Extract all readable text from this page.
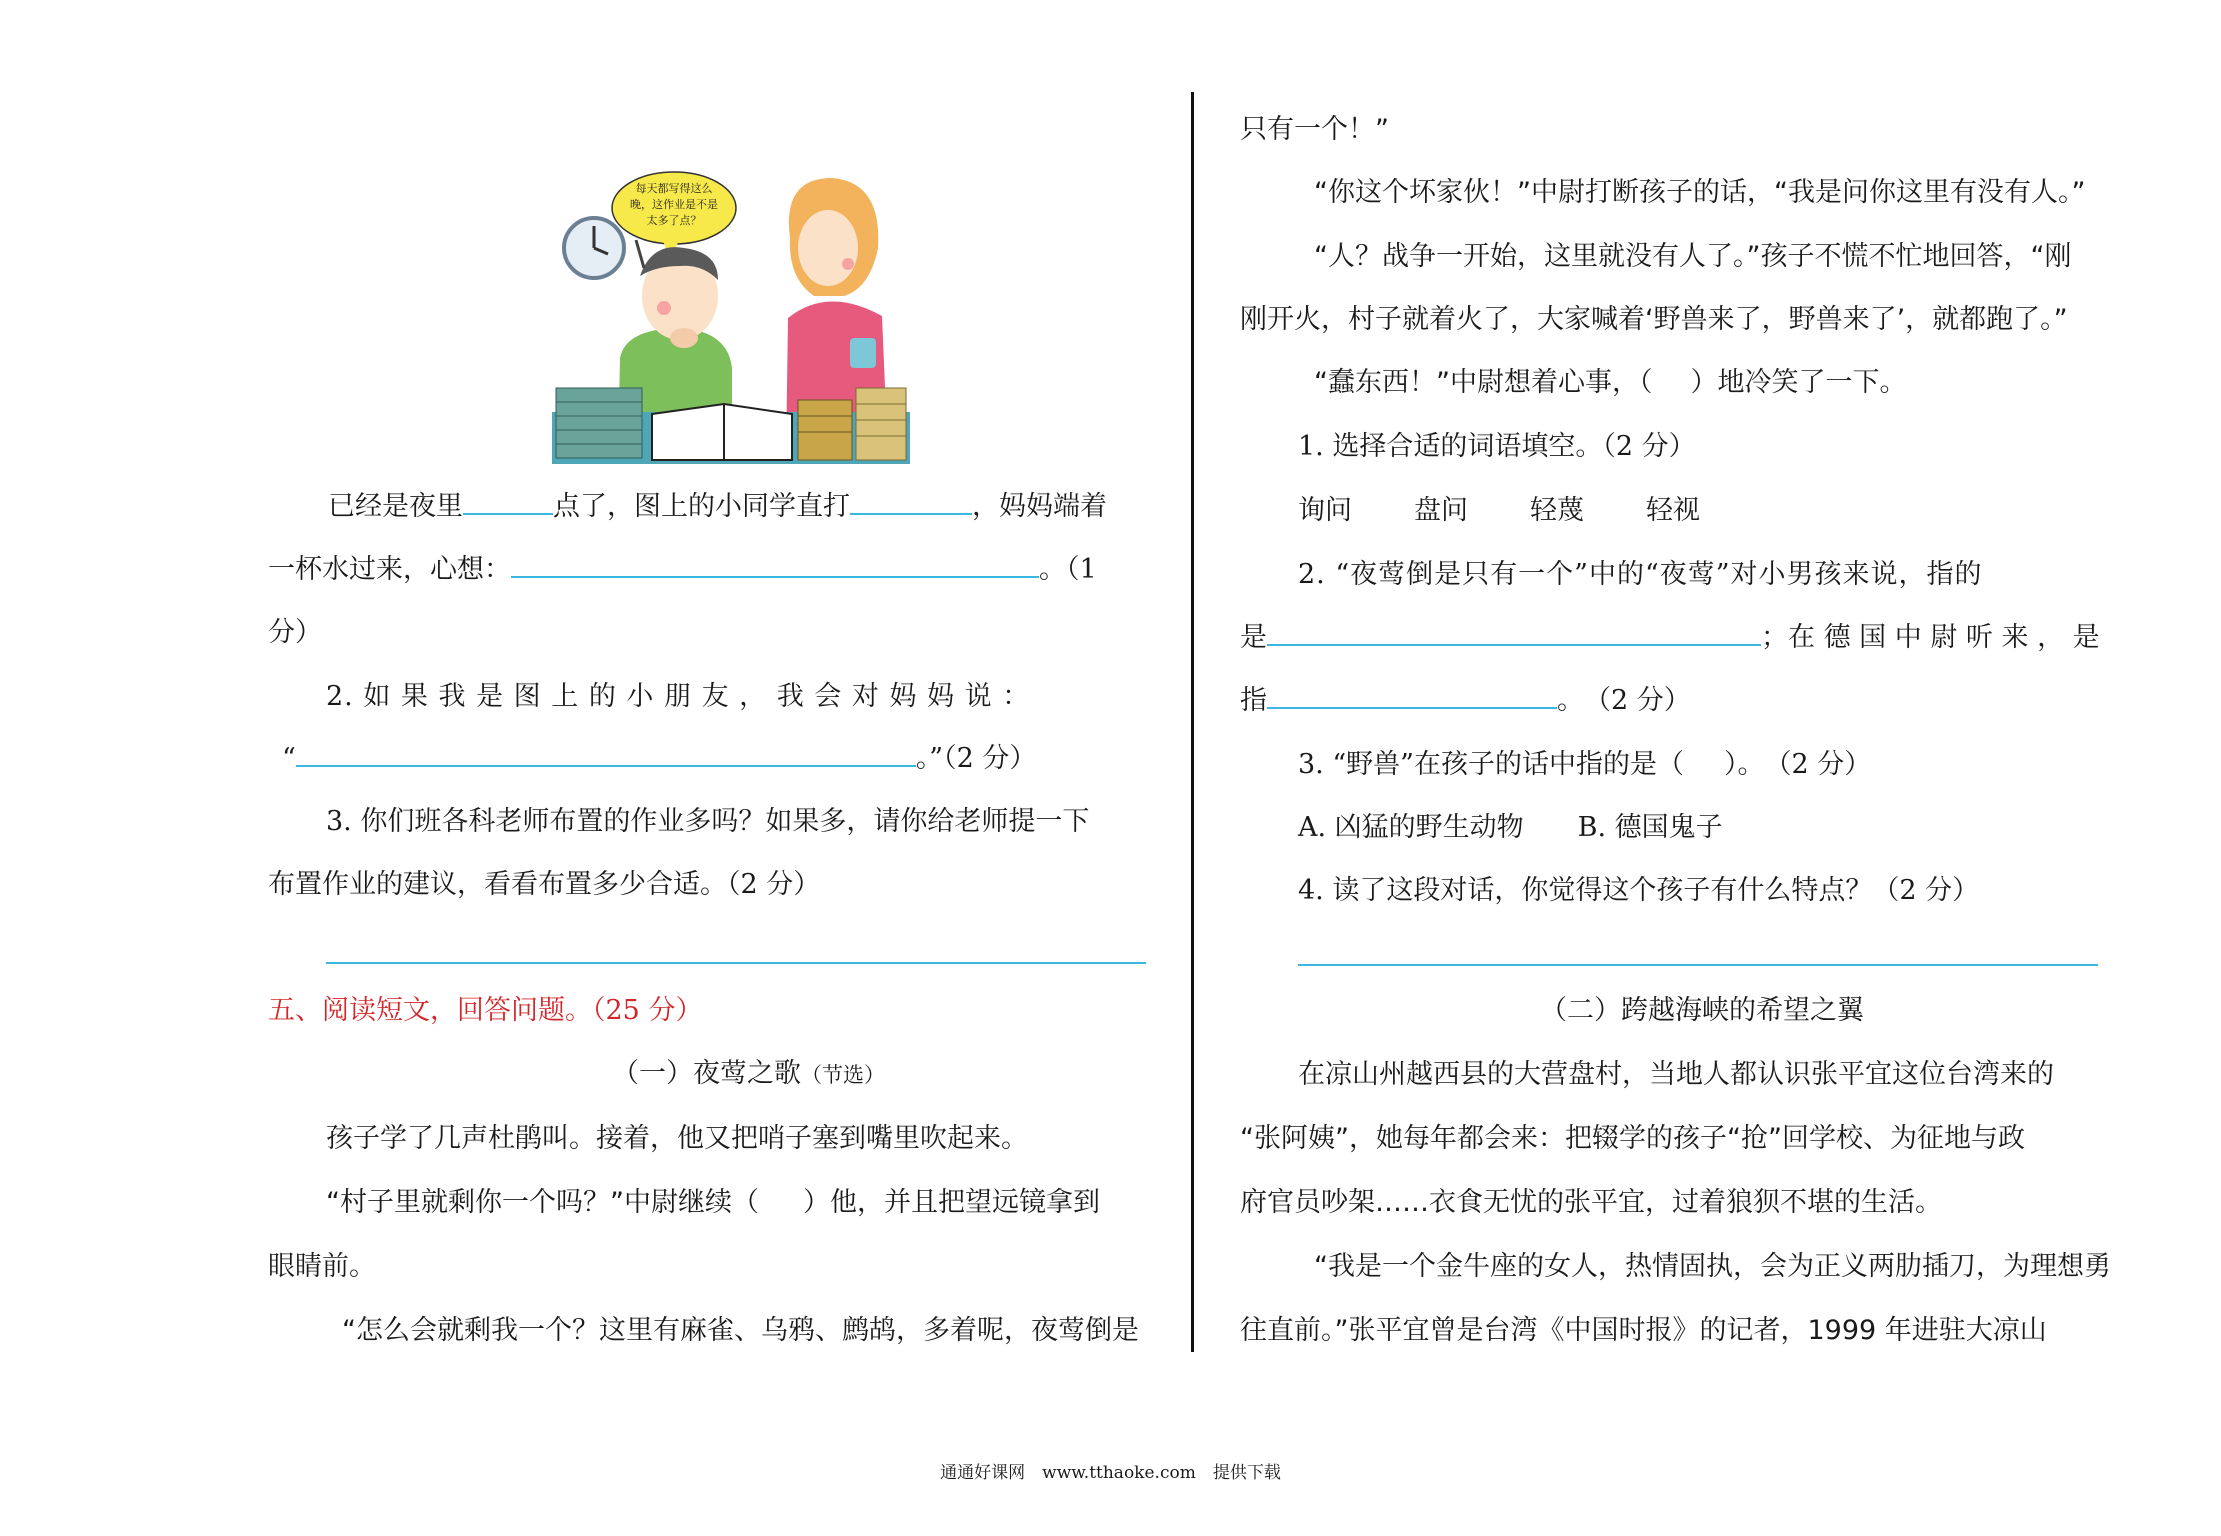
每天都写得这么
晚，这作业是不是
太多了点？
已经是夜里	点了，图上的小同学直打	，妈妈端着
一杯水过来，心想：	。（1
分）
2. 如 果 我 是 图 上 的 小 朋 友 ， 我 会 对 妈 妈 说 ：
“	。”（2 分）
3. 你们班各科老师布置的作业多吗？如果多，请你给老师提一下
布置作业的建议，看看布置多少合适。（2 分）
五、阅读短文，回答问题。（25 分）
（一）夜莺之歌（节选）
孩子学了几声杜鹃叫。接着，他又把哨子塞到嘴里吹起来。
“村子里就剩你一个吗？”中尉继续（ ）他，并且把望远镜拿到
眼睛前。
“怎么会就剩我一个？这里有麻雀、乌鸦、鹧鸪，多着呢，夜莺倒是
只有一个！”
“你这个坏家伙！”中尉打断孩子的话，“我是问你这里有没有人。”
“人？战争一开始，这里就没有人了。”孩子不慌不忙地回答，“刚
刚开火，村子就着火了，大家喊着‘野兽来了，野兽来了’，就都跑了。”
“蠢东西！”中尉想着心事，（ ）地冷笑了一下。
1. 选择合适的词语填空。（2 分）
询问 盘问 轻蔑 轻视
2. “夜莺倒是只有一个”中的“夜莺”对小男孩来说，指的
是	；在 德 国 中 尉 听 来 ， 是
指	。　（2 分）
3. “野兽”在孩子的话中指的是（ ）。　（2 分）
A. 凶猛的野生动物 B. 德国鬼子
4. 读了这段对话，你觉得这个孩子有什么特点？（2 分）
（二）跨越海峡的希望之翼
在凉山州越西县的大营盘村，当地人都认识张平宜这位台湾来的
“张阿姨”，她每年都会来：把辍学的孩子“抢”回学校、为征地与政
府官员吵架……衣食无忧的张平宜，过着狼狈不堪的生活。
“我是一个金牛座的女人，热情固执，会为正义两肋插刀，为理想勇
往直前。”张平宜曾是台湾《中国时报》的记者，1999 年进驻大凉山
通通好课网　www.tthaoke.com　提供下载
